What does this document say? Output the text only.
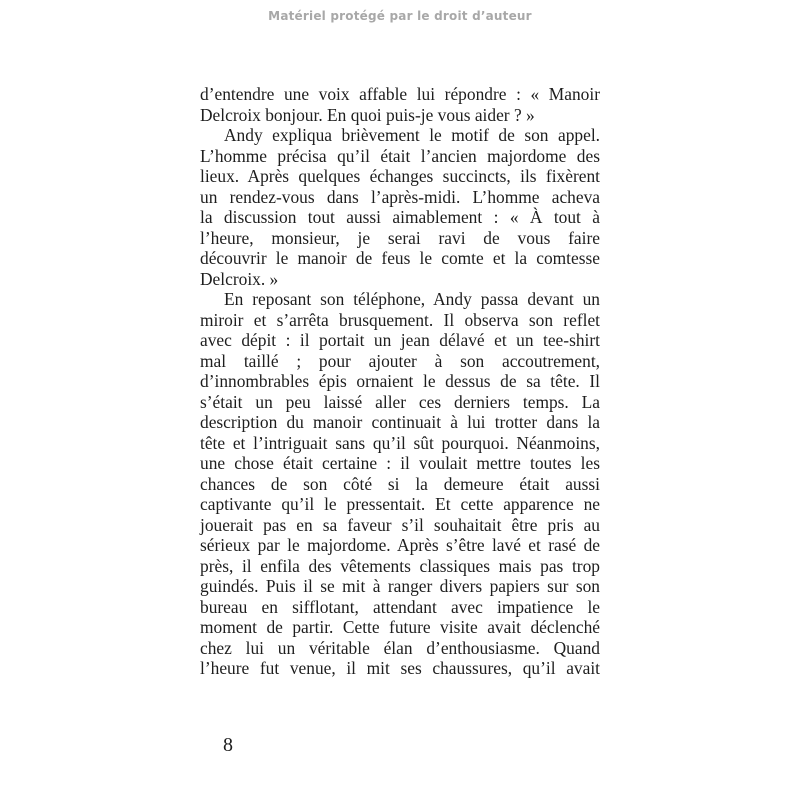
Matériel protégé par le droit d’auteur
d’entendre une voix affable lui répondre : « Manoir
Delcroix bonjour. En quoi puis-je vous aider ? »
Andy expliqua brièvement le motif de son appel.
L’homme précisa qu’il était l’ancien majordome des
lieux. Après quelques échanges succincts, ils fixèrent
un rendez-vous dans l’après-midi. L’homme acheva
la discussion tout aussi aimablement : « À tout à
l’heure, monsieur, je serai ravi de vous faire
découvrir le manoir de feus le comte et la comtesse
Delcroix. »
En reposant son téléphone, Andy passa devant un
miroir et s’arrêta brusquement. Il observa son reflet
avec dépit : il portait un jean délavé et un tee-shirt
mal taillé ; pour ajouter à son accoutrement,
d’innombrables épis ornaient le dessus de sa tête. Il
s’était un peu laissé aller ces derniers temps. La
description du manoir continuait à lui trotter dans la
tête et l’intriguait sans qu’il sût pourquoi. Néanmoins,
une chose était certaine : il voulait mettre toutes les
chances de son côté si la demeure était aussi
captivante qu’il le pressentait. Et cette apparence ne
jouerait pas en sa faveur s’il souhaitait être pris au
sérieux par le majordome. Après s’être lavé et rasé de
près, il enfila des vêtements classiques mais pas trop
guindés. Puis il se mit à ranger divers papiers sur son
bureau en sifflotant, attendant avec impatience le
moment de partir. Cette future visite avait déclenché
chez lui un véritable élan d’enthousiasme. Quand
l’heure fut venue, il mit ses chaussures, qu’il avait
8
